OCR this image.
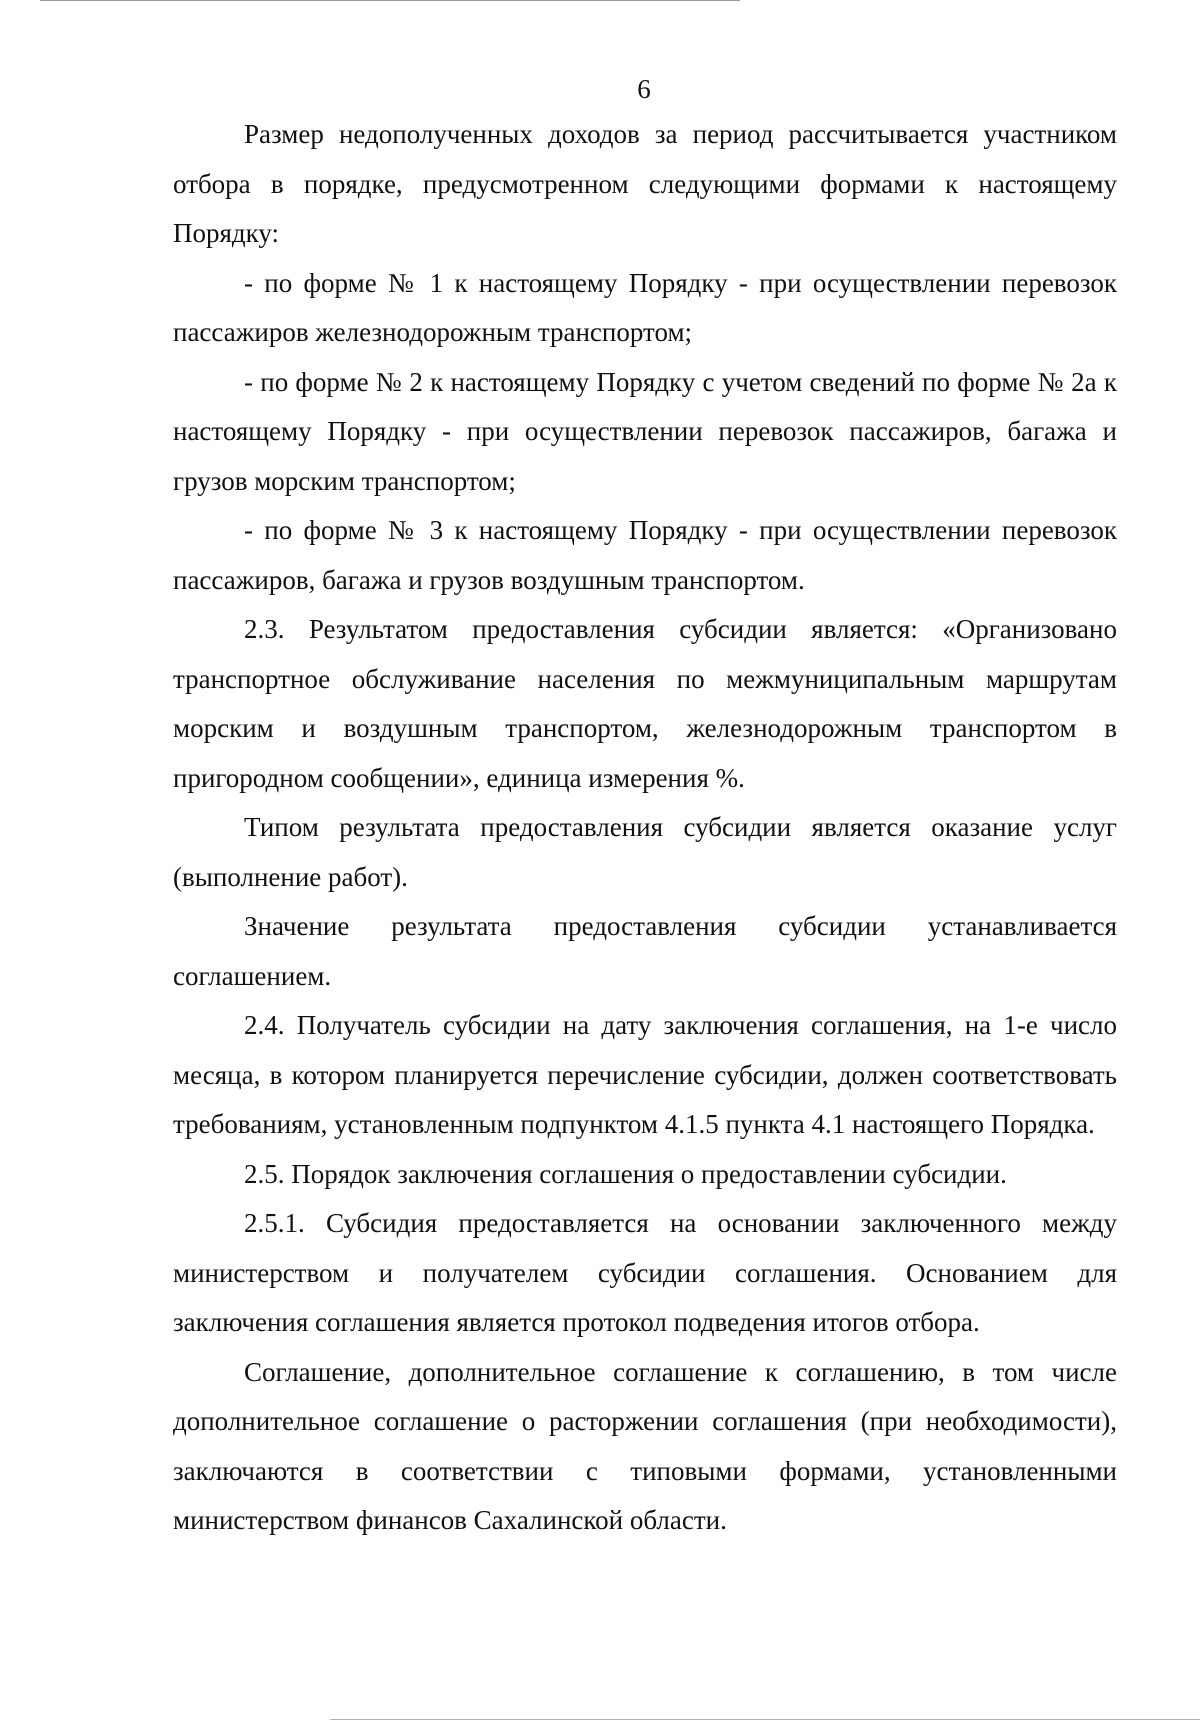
6

Размер недополученных доходов за период рассчитывается участником отбора в порядке, предусмотренном следующими формами к настоящему Порядку:

- по форме № 1 к настоящему Порядку - при осуществлении перевозок пассажиров железнодорожным транспортом;

- по форме № 2 к настоящему Порядку с учетом сведений по форме № 2а к настоящему Порядку - при осуществлении перевозок пассажиров, багажа и грузов морским транспортом;

- по форме № 3 к настоящему Порядку - при осуществлении перевозок пассажиров, багажа и грузов воздушным транспортом.

2.3. Результатом предоставления субсидии является: «Организовано транспортное обслуживание населения по межмуниципальным маршрутам морским и воздушным транспортом, железнодорожным транспортом в пригородном сообщении», единица измерения %.

Типом результата предоставления субсидии является оказание услуг (выполнение работ).

Значение результата предоставления субсидии устанавливается соглашением.

2.4. Получатель субсидии на дату заключения соглашения, на 1-е число месяца, в котором планируется перечисление субсидии, должен соответствовать требованиям, установленным подпунктом 4.1.5 пункта 4.1 настоящего Порядка.

2.5. Порядок заключения соглашения о предоставлении субсидии.

2.5.1. Субсидия предоставляется на основании заключенного между министерством и получателем субсидии соглашения. Основанием для заключения соглашения является протокол подведения итогов отбора.

Соглашение, дополнительное соглашение к соглашению, в том числе дополнительное соглашение о расторжении соглашения (при необходимости), заключаются в соответствии с типовыми формами, установленными министерством финансов Сахалинской области.
